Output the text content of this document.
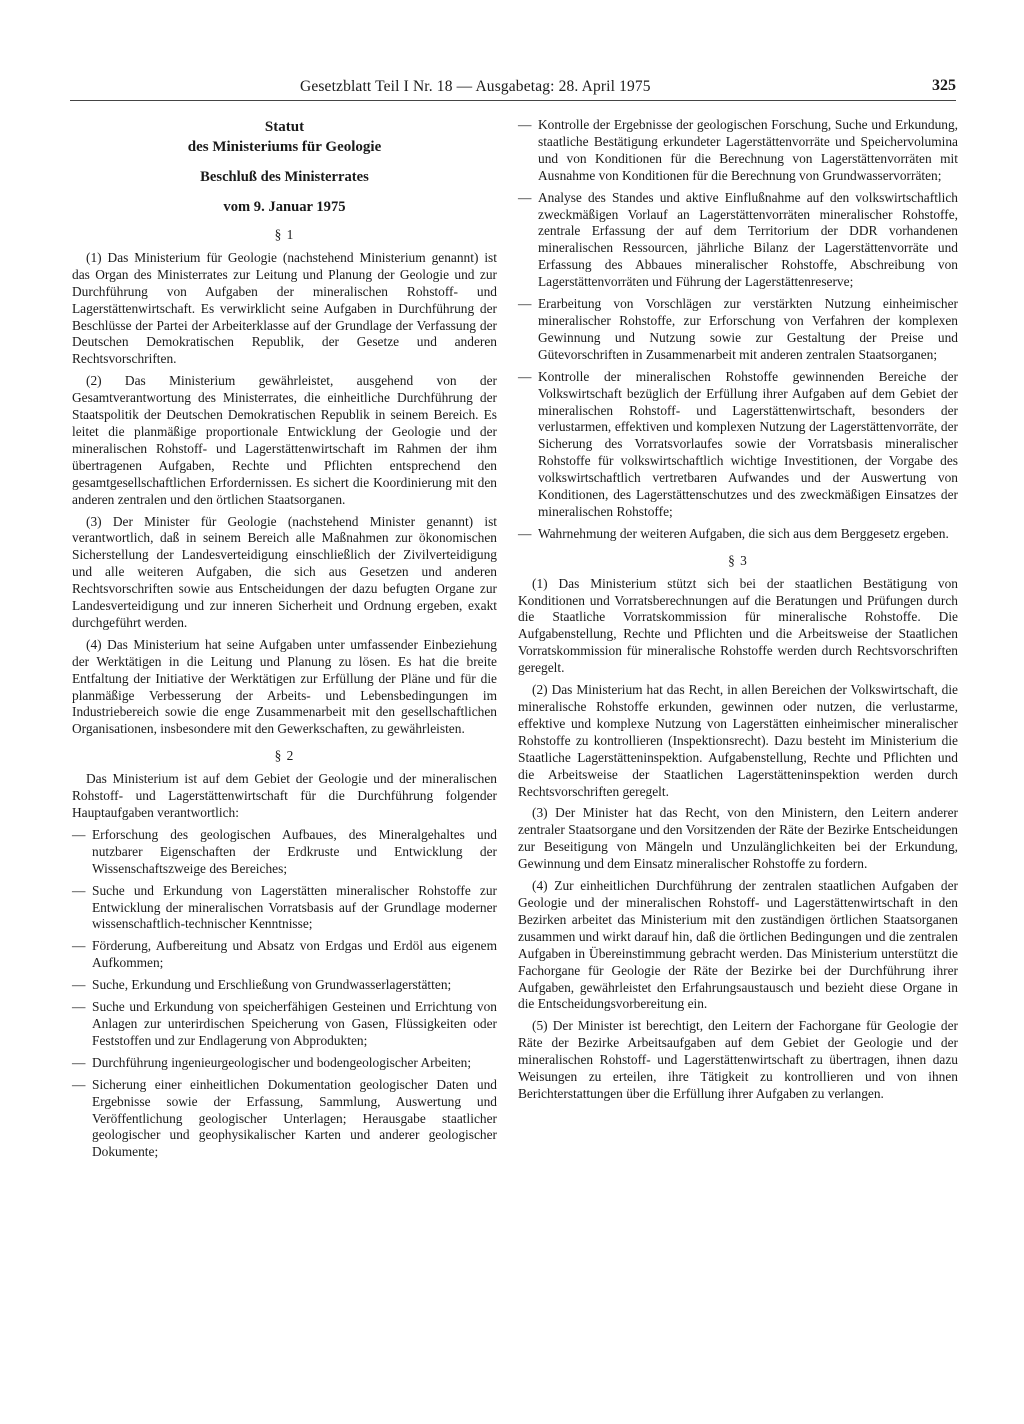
Gesetzblatt Teil I Nr. 18 — Ausgabetag: 28. April 1975	325
Statut
des Ministeriums für Geologie
Beschluß des Ministerrates
vom 9. Januar 1975
§ 1

(1) Das Ministerium für Geologie (nachstehend Ministerium genannt) ist das Organ des Ministerrates zur Leitung und Planung der Geologie und zur Durchführung von Aufgaben der mineralischen Rohstoff- und Lagerstättenwirtschaft. Es verwirklicht seine Aufgaben in Durchführung der Beschlüsse der Partei der Arbeiterklasse auf der Grundlage der Verfassung der Deutschen Demokratischen Republik, der Gesetze und anderen Rechtsvorschriften.

(2) Das Ministerium gewährleistet, ausgehend von der Gesamtverantwortung des Ministerrates, die einheitliche Durchführung der Staatspolitik der Deutschen Demokratischen Republik in seinem Bereich. Es leitet die planmäßige proportionale Entwicklung der Geologie und der mineralischen Rohstoff- und Lagerstättenwirtschaft im Rahmen der ihm übertragenen Aufgaben, Rechte und Pflichten entsprechend den gesamtgesellschaftlichen Erfordernissen. Es sichert die Koordinierung mit den anderen zentralen und den örtlichen Staatsorganen.

(3) Der Minister für Geologie (nachstehend Minister genannt) ist verantwortlich, daß in seinem Bereich alle Maßnahmen zur ökonomischen Sicherstellung der Landesverteidigung einschließlich der Zivilverteidigung und alle weiteren Aufgaben, die sich aus Gesetzen und anderen Rechtsvorschriften sowie aus Entscheidungen der dazu befugten Organe zur Landesverteidigung und zur inneren Sicherheit und Ordnung ergeben, exakt durchgeführt werden.

(4) Das Ministerium hat seine Aufgaben unter umfassender Einbeziehung der Werktätigen in die Leitung und Planung zu lösen. Es hat die breite Entfaltung der Initiative der Werktätigen zur Erfüllung der Pläne und für die planmäßige Verbesserung der Arbeits- und Lebensbedingungen im Industriebereich sowie die enge Zusammenarbeit mit den gesellschaftlichen Organisationen, insbesondere mit den Gewerkschaften, zu gewährleisten.

§ 2

Das Ministerium ist auf dem Gebiet der Geologie und der mineralischen Rohstoff- und Lagerstättenwirtschaft für die Durchführung folgender Hauptaufgaben verantwortlich:

— Erforschung des geologischen Aufbaues, des Mineralgehaltes und nutzbarer Eigenschaften der Erdkruste und Entwicklung der Wissenschaftszweige des Bereiches;
— Suche und Erkundung von Lagerstätten mineralischer Rohstoffe zur Entwicklung der mineralischen Vorratsbasis auf der Grundlage moderner wissenschaftlich-technischer Kenntnisse;
— Förderung, Aufbereitung und Absatz von Erdgas und Erdöl aus eigenem Aufkommen;
— Suche, Erkundung und Erschließung von Grundwasserlagerstätten;
— Suche und Erkundung von speicherfähigen Gesteinen und Errichtung von Anlagen zur unterirdischen Speicherung von Gasen, Flüssigkeiten oder Feststoffen und zur Endlagerung von Abprodukten;
— Durchführung ingenieurgeologischer und bodengeologischer Arbeiten;
— Sicherung einer einheitlichen Dokumentation geologischer Daten und Ergebnisse sowie der Erfassung, Sammlung, Auswertung und Veröffentlichung geologischer Unterlagen; Herausgabe staatlicher geologischer und geophysikalischer Karten und anderer geologischer Dokumente;
— Kontrolle der Ergebnisse der geologischen Forschung, Suche und Erkundung, staatliche Bestätigung erkundeter Lagerstättenvorräte und Speichervolumina und von Konditionen für die Berechnung von Lagerstättenvorräten mit Ausnahme von Konditionen für die Berechnung von Grundwasservorräten;
— Analyse des Standes und aktive Einflußnahme auf den volkswirtschaftlich zweckmäßigen Vorlauf an Lagerstättenvorräten mineralischer Rohstoffe, zentrale Erfassung der auf dem Territorium der DDR vorhandenen mineralischen Ressourcen, jährliche Bilanz der Lagerstättenvorräte und Erfassung des Abbaues mineralischer Rohstoffe, Abschreibung von Lagerstättenvorräten und Führung der Lagerstättenreserve;
— Erarbeitung von Vorschlägen zur verstärkten Nutzung einheimischer mineralischer Rohstoffe, zur Erforschung von Verfahren der komplexen Gewinnung und Nutzung sowie zur Gestaltung der Preise und Gütevorschriften in Zusammenarbeit mit anderen zentralen Staatsorganen;
— Kontrolle der mineralischen Rohstoffe gewinnenden Bereiche der Volkswirtschaft bezüglich der Erfüllung ihrer Aufgaben auf dem Gebiet der mineralischen Rohstoff- und Lagerstättenwirtschaft, besonders der verlustarmen, effektiven und komplexen Nutzung der Lagerstättenvorräte, der Sicherung des Vorratsvorlaufes sowie der Vorratsbasis mineralischer Rohstoffe für volkswirtschaftlich wichtige Investitionen, der Vorgabe des volkswirtschaftlich vertretbaren Aufwandes und der Auswertung von Konditionen, des Lagerstättenschutzes und des zweckmäßigen Einsatzes der mineralischen Rohstoffe;
— Wahrnehmung der weiteren Aufgaben, die sich aus dem Berggesetz ergeben.
§ 3

(1) Das Ministerium stützt sich bei der staatlichen Bestätigung von Konditionen und Vorratsberechnungen auf die Beratungen und Prüfungen durch die Staatliche Vorratskommission für mineralische Rohstoffe. Die Aufgabenstellung, Rechte und Pflichten und die Arbeitsweise der Staatlichen Vorratskommission für mineralische Rohstoffe werden durch Rechtsvorschriften geregelt.

(2) Das Ministerium hat das Recht, in allen Bereichen der Volkswirtschaft, die mineralische Rohstoffe erkunden, gewinnen oder nutzen, die verlustarme, effektive und komplexe Nutzung von Lagerstätten einheimischer mineralischer Rohstoffe zu kontrollieren (Inspektionsrecht). Dazu besteht im Ministerium die Staatliche Lagerstätteninspektion. Aufgabenstellung, Rechte und Pflichten und die Arbeitsweise der Staatlichen Lagerstätteninspektion werden durch Rechtsvorschriften geregelt.

(3) Der Minister hat das Recht, von den Ministern, den Leitern anderer zentraler Staatsorgane und den Vorsitzenden der Räte der Bezirke Entscheidungen zur Beseitigung von Mängeln und Unzulänglichkeiten bei der Erkundung, Gewinnung und dem Einsatz mineralischer Rohstoffe zu fordern.

(4) Zur einheitlichen Durchführung der zentralen staatlichen Aufgaben der Geologie und der mineralischen Rohstoff- und Lagerstättenwirtschaft in den Bezirken arbeitet das Ministerium mit den zuständigen örtlichen Staatsorganen zusammen und wirkt darauf hin, daß die örtlichen Bedingungen und die zentralen Aufgaben in Übereinstimmung gebracht werden. Das Ministerium unterstützt die Fachorgane für Geologie der Räte der Bezirke bei der Durchführung ihrer Aufgaben, gewährleistet den Erfahrungsaustausch und bezieht diese Organe in die Entscheidungsvorbereitung ein.

(5) Der Minister ist berechtigt, den Leitern der Fachorgane für Geologie der Räte der Bezirke Arbeitsaufgaben auf dem Gebiet der Geologie und der mineralischen Rohstoff- und Lagerstättenwirtschaft zu übertragen, ihnen dazu Weisungen zu erteilen, ihre Tätigkeit zu kontrollieren und von ihnen Berichterstattungen über die Erfüllung ihrer Aufgaben zu verlangen.
